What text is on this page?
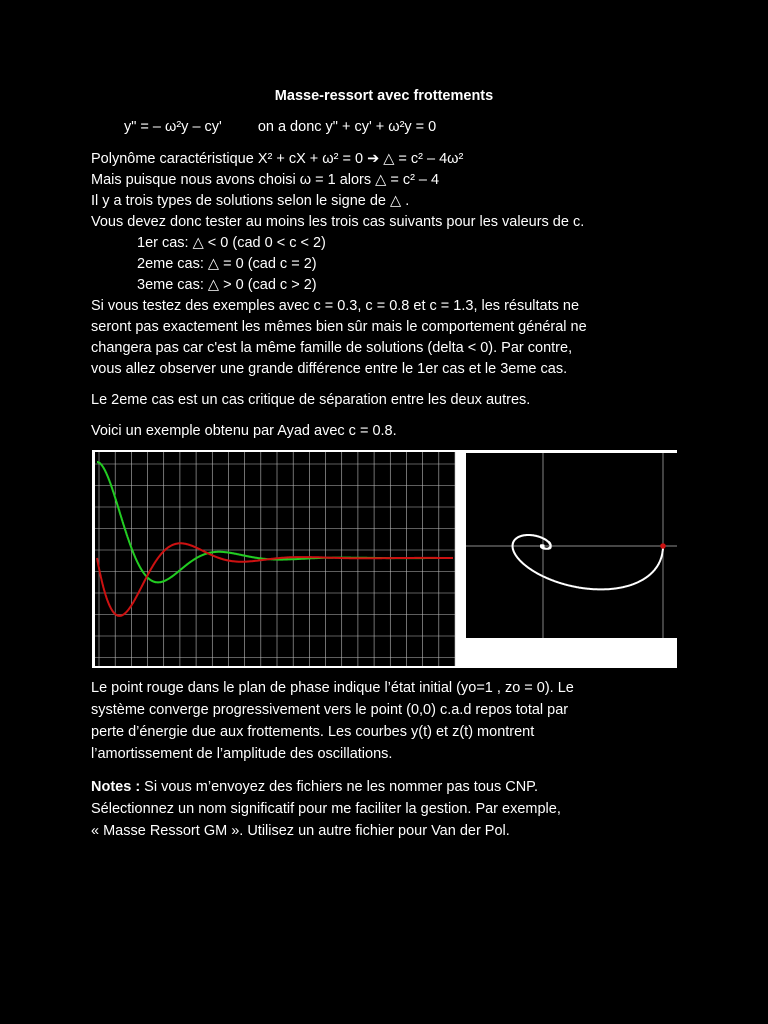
Masse-ressort avec frottements
y" = – ω²y – cy' on a donc y" + cy' + ω²y = 0
Polynôme caractéristique X² + cX + ω² = 0 ➔ △ = c² – 4ω²
Mais puisque nous avons choisi ω = 1 alors △ = c² – 4
Il y a trois types de solutions selon le signe de △ .
Vous devez donc tester au moins les trois cas suivants pour les valeurs de c.
1er cas: △ < 0 (cad 0 < c < 2)
2eme cas: △ = 0 (cad c = 2)
3eme cas: △ > 0 (cad c > 2)
Si vous testez des exemples avec c = 0.3, c = 0.8 et c = 1.3, les résultats ne
seront pas exactement les mêmes bien sûr mais le comportement général ne
changera pas car c'est la même famille de solutions (delta < 0). Par contre,
vous allez observer une grande différence entre le 1er cas et le 3eme cas.
Le 2eme cas est un cas critique de séparation entre les deux autres.
Voici un exemple obtenu par Ayad avec c = 0.8.
Le point rouge dans le plan de phase indique l’état initial (yo=1 , zo = 0). Le
système converge progressivement vers le point (0,0) c.a.d repos total par
perte d’énergie due aux frottements. Les courbes y(t) et z(t) montrent
l’amortissement de l’amplitude des oscillations.
Notes : Si vous m’envoyez des fichiers ne les nommer pas tous CNP.
Sélectionnez un nom significatif pour me faciliter la gestion. Par exemple,
« Masse Ressort GM ». Utilisez un autre fichier pour Van der Pol.
